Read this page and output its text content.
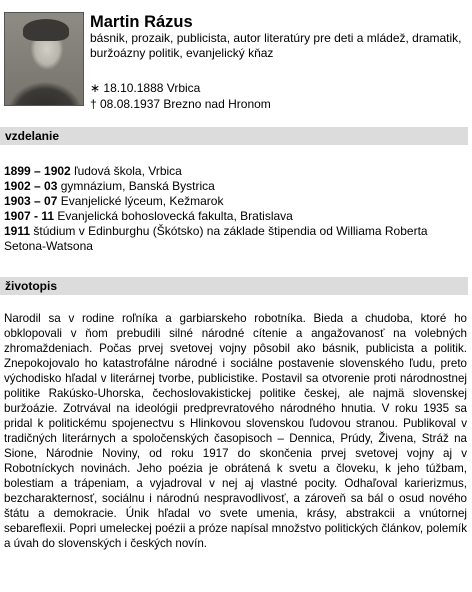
Martin Rázus
básnik, prozaik, publicista, autor literatúry pre deti a mládež, dramatik, buržoázny politik, evanjelický kňaz
∗ 18.10.1888 Vrbica
† 08.08.1937 Brezno nad Hronom
vzdelanie
1899 – 1902 ľudová škola, Vrbica
1902 – 03 gymnázium, Banská Bystrica
1903 – 07 Evanjelické lýceum, Kežmarok
1907 - 11 Evanjelická bohoslovecká fakulta, Bratislava
1911 štúdium v Edinburghu (Škótsko) na základe štipendia od Williama Roberta Setona-Watsona
životopis
Narodil sa v rodine roľníka a garbiarskeho robotníka. Bieda a chudoba, ktoré ho obklopovali v ňom prebudili silné národné cítenie a angažovanosť na volebných zhromaždeniach. Počas prvej svetovej vojny pôsobil ako básnik, publicista a politik. Znepokojovalo ho katastrofálne národné i sociálne postavenie slovenského ľudu, preto východisko hľadal v literárnej tvorbe, publicistike. Postavil sa otvorenie proti národnostnej politike Rakúsko-Uhorska, čechoslovakistickej politike českej, ale najmä slovenskej buržoázie. Zotrvával na ideológii predprevratového národného hnutia. V roku 1935 sa pridal k politickému spojenectvu s Hlinkovou slovenskou ľudovou stranou. Publikoval v tradičných literárnych a spoločenských časopisoch – Dennica, Prúdy, Živena, Stráž na Sione, Národnie Noviny, od roku 1917 do skončenia prvej svetovej vojny aj v Robotníckych novinách. Jeho poézia je obrátená k svetu a človeku, k jeho túžbam, bolestiam a trápeniam, a vyjadroval v nej aj vlastné pocity. Odhaľoval karierizmus, bezcharakternosť, sociálnu i národnú nespravodlivosť, a zároveň sa bál o osud nového štátu a demokracie. Únik hľadal vo svete umenia, krásy, abstrakcii a vnútornej sebareflexii. Popri umeleckej poézii a próze napísal množstvo politických článkov, polemík a úvah do slovenských i českých novín.
